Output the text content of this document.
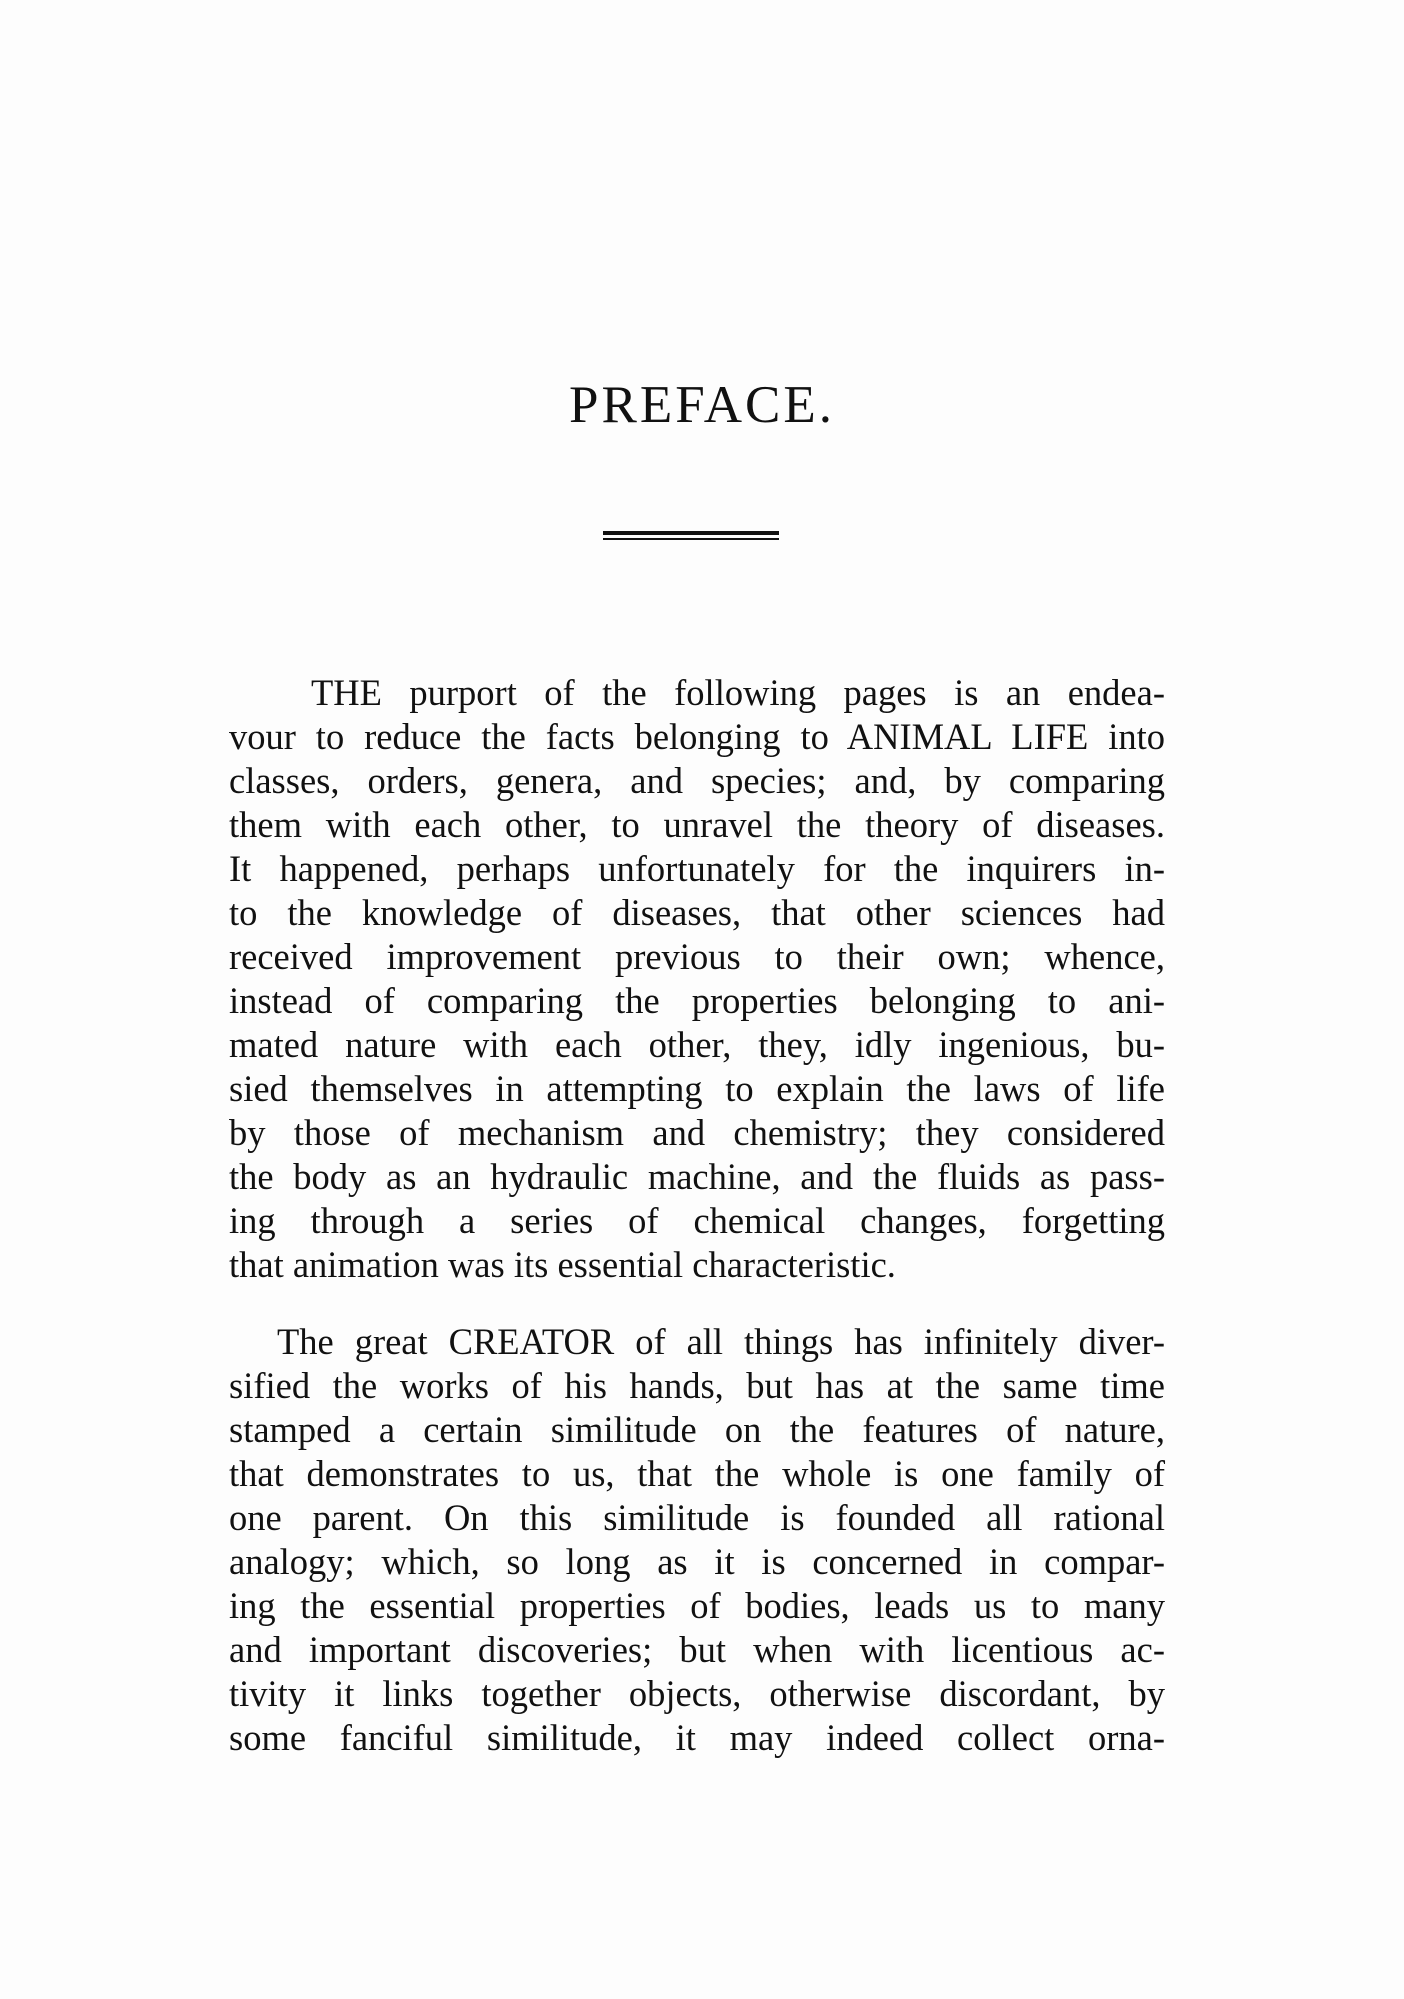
PREFACE.
THE purport of the following pages is an endea-
vour to reduce the facts belonging to ANIMAL LIFE into
classes, orders, genera, and species; and, by comparing
them with each other, to unravel the theory of diseases.
It happened, perhaps unfortunately for the inquirers in-
to the knowledge of diseases, that other sciences had
received improvement previous to their own; whence,
instead of comparing the properties belonging to ani-
mated nature with each other, they, idly ingenious, bu-
sied themselves in attempting to explain the laws of life
by those of mechanism and chemistry; they considered
the body as an hydraulic machine, and the fluids as pass-
ing through a series of chemical changes, forgetting
that animation was its essential characteristic.
The great CREATOR of all things has infinitely diver-
sified the works of his hands, but has at the same time
stamped a certain similitude on the features of nature,
that demonstrates to us, that the whole is one family of
one parent. On this similitude is founded all rational
analogy; which, so long as it is concerned in compar-
ing the essential properties of bodies, leads us to many
and important discoveries; but when with licentious ac-
tivity it links together objects, otherwise discordant, by
some fanciful similitude, it may indeed collect orna-
